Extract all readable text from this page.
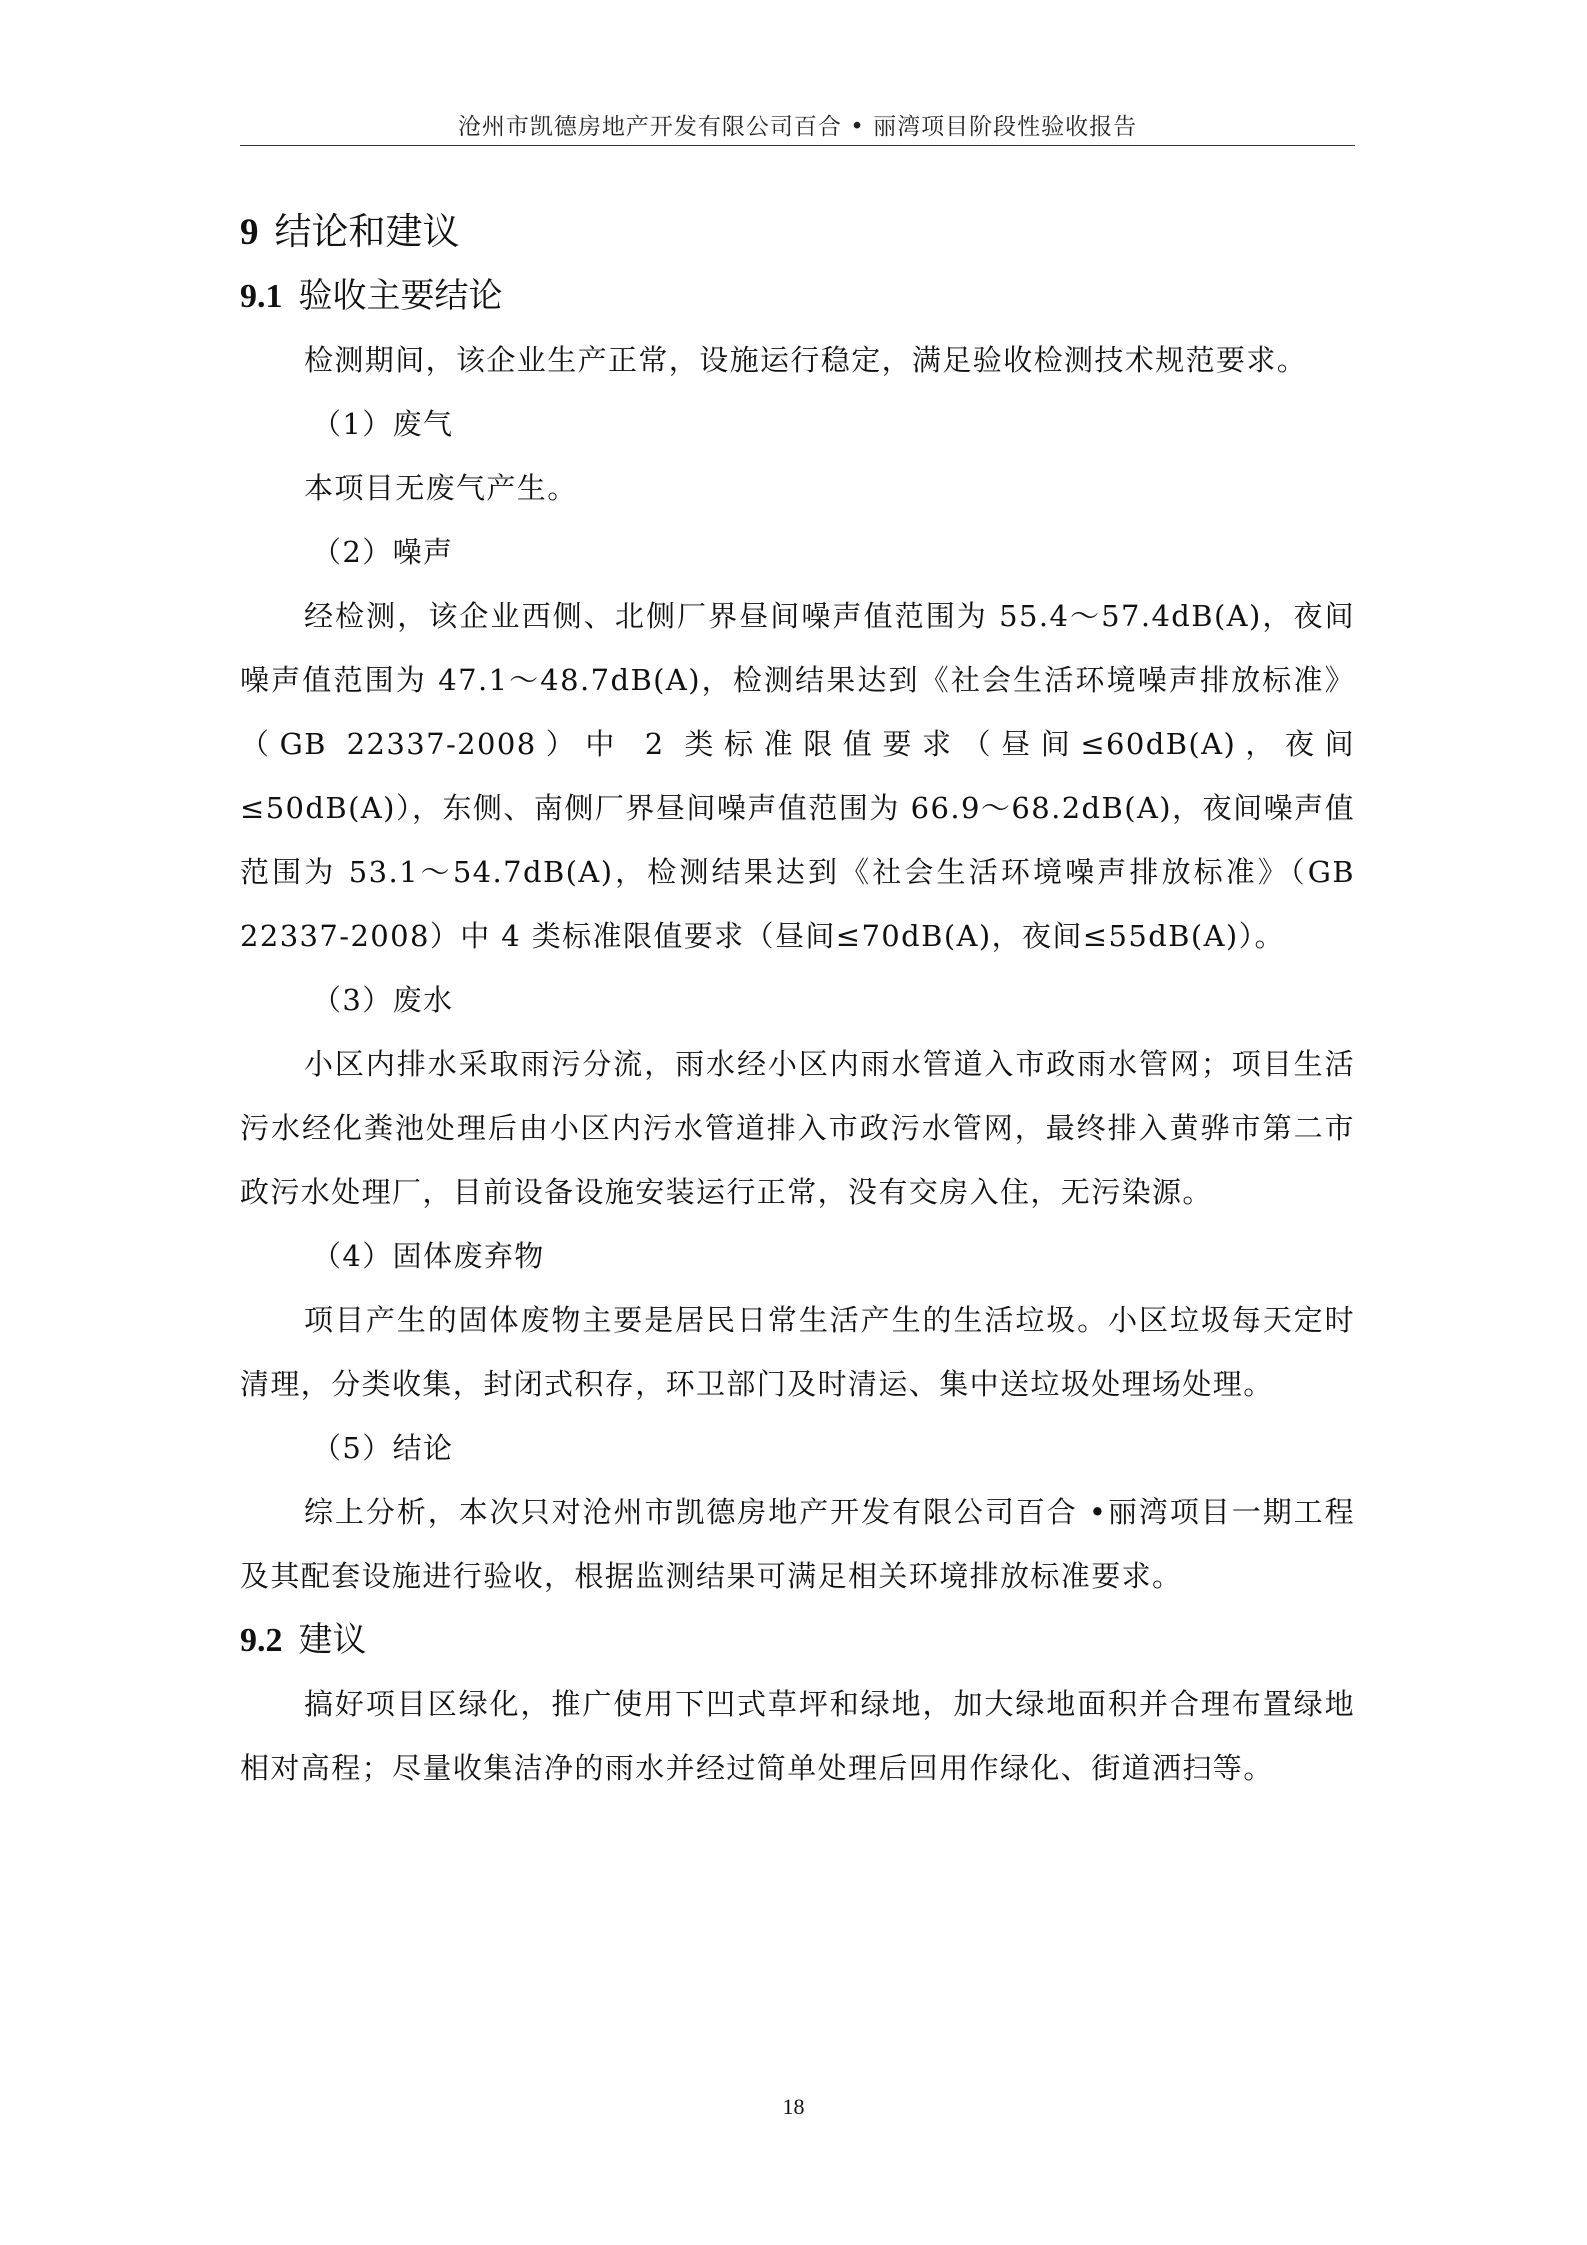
沧州市凯德房地产开发有限公司百合 • 丽湾项目阶段性验收报告
9 结论和建议
9.1 验收主要结论

检测期间，该企业生产正常，设施运行稳定，满足验收检测技术规范要求。

（1）废气

本项目无废气产生。

（2）噪声

经检测，该企业西侧、北侧厂界昼间噪声值范围为 55.4～57.4dB(A)，夜间噪声值范围为 47.1～48.7dB(A)，检测结果达到《社会生活环境噪声排放标准》（GB 22337-2008）中 2 类标准限值要求（昼间≤60dB(A)，夜间≤50dB(A)），东侧、南侧厂界昼间噪声值范围为 66.9～68.2dB(A)，夜间噪声值范围为 53.1～54.7dB(A)，检测结果达到《社会生活环境噪声排放标准》（GB 22337-2008）中 4 类标准限值要求（昼间≤70dB(A)，夜间≤55dB(A)）。

（3）废水

小区内排水采取雨污分流，雨水经小区内雨水管道入市政雨水管网；项目生活污水经化粪池处理后由小区内污水管道排入市政污水管网，最终排入黄骅市第二市政污水处理厂，目前设备设施安装运行正常，没有交房入住，无污染源。

（4）固体废弃物

项目产生的固体废物主要是居民日常生活产生的生活垃圾。小区垃圾每天定时清理，分类收集，封闭式积存，环卫部门及时清运、集中送垃圾处理场处理。

（5）结论

综上分析，本次只对沧州市凯德房地产开发有限公司百合 •丽湾项目一期工程及其配套设施进行验收，根据监测结果可满足相关环境排放标准要求。

9.2 建议

搞好项目区绿化，推广使用下凹式草坪和绿地，加大绿地面积并合理布置绿地相对高程；尽量收集洁净的雨水并经过简单处理后回用作绿化、街道洒扫等。

18
